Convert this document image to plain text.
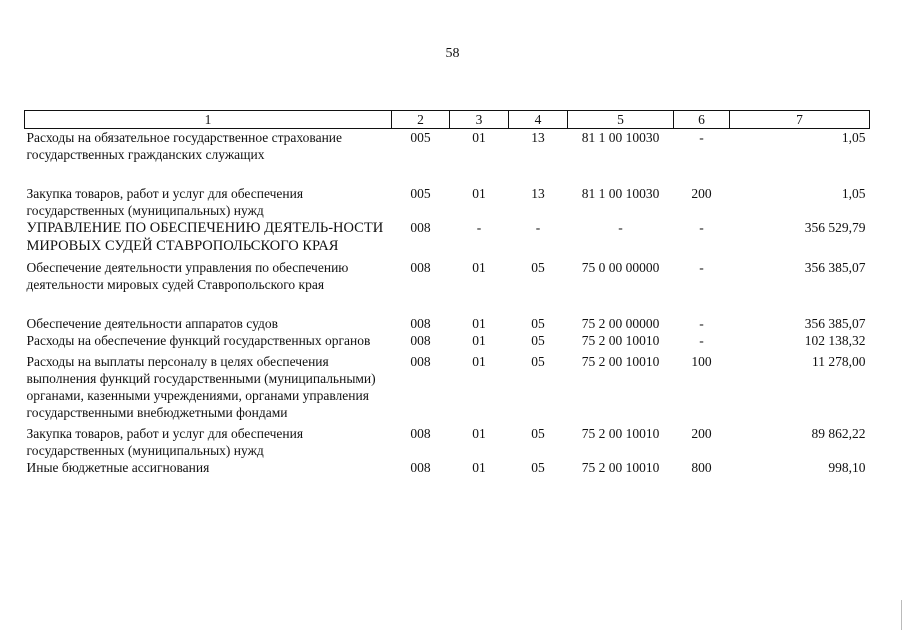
58
1	2	3	4	5	6	7
Расходы на обязательное государственное страхование государственных гражданских служащих	005	01	13	81 1 00 10030	-	1,05
Закупка товаров, работ и услуг для обеспечения государственных (муниципальных) нужд	005	01	13	81 1 00 10030	200	1,05
УПРАВЛЕНИЕ ПО ОБЕСПЕЧЕНИЮ ДЕЯТЕЛЬ-НОСТИ МИРОВЫХ СУДЕЙ СТАВРОПОЛЬСКОГО КРАЯ	008	-	-	-	-	356 529,79
Обеспечение деятельности управления по обеспечению деятельности мировых судей Ставропольского края	008	01	05	75 0 00 00000	-	356 385,07
Обеспечение деятельности аппаратов судов	008	01	05	75 2 00 00000	-	356 385,07
Расходы на обеспечение функций государственных органов	008	01	05	75 2 00 10010	-	102 138,32
Расходы на выплаты персоналу в целях обеспечения выполнения функций государственными (муниципальными) органами, казенными учреждениями, органами управления государственными внебюджетными фондами	008	01	05	75 2 00 10010	100	11 278,00
Закупка товаров, работ и услуг для обеспечения государственных (муниципальных) нужд	008	01	05	75 2 00 10010	200	89 862,22
Иные бюджетные ассигнования	008	01	05	75 2 00 10010	800	998,10
